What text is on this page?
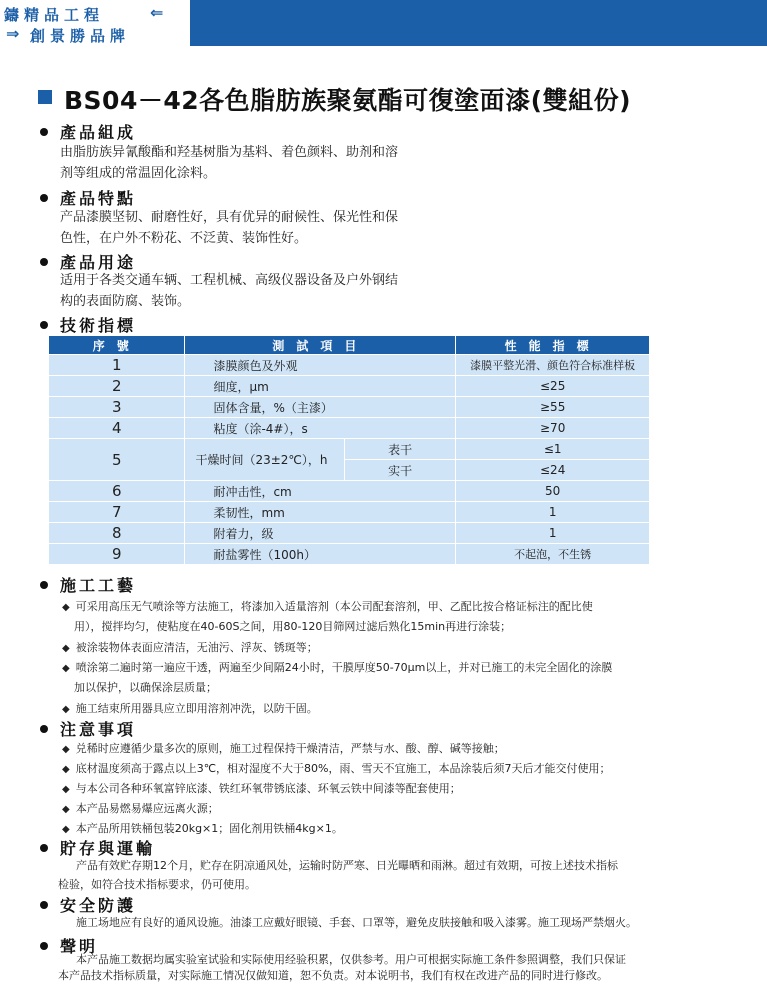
鑄精品工程	⇐
⇒ 創景勝品牌
BS04－42各色脂肪族聚氨酯可復塗面漆(雙組份)
產品組成
由脂肪族异氰酸酯和羟基树脂为基料、着色颜料、助剂和溶
剂等组成的常温固化涂料。
產品特點
产品漆膜坚韧、耐磨性好，具有优异的耐候性、保光性和保
色性，在户外不粉花、不泛黄、装饰性好。
產品用途
适用于各类交通车辆、工程机械、高级仪器设备及户外钢结
构的表面防腐、装饰。
技術指標
序號	測試項目		性能指標
1	漆膜颜色及外观		漆膜平整光滑、颜色符合标准样板
2	细度，μm		≤25
3	固体含量，%（主漆）		≥55
4	粘度（涂-4#），s		≥70
5	干燥时间（23±2℃），h	表干	≤1
		实干	≤24
6	耐冲击性，cm		50
7	柔韧性，mm		1
8	附着力，级		1
9	耐盐雾性（100h）		不起泡，不生锈
施工工藝
◆ 可采用高压无气喷涂等方法施工，将漆加入适量溶剂（本公司配套溶剂，甲、乙配比按合格证标注的配比使
用），搅拌均匀，使粘度在40-60S之间，用80-120目筛网过滤后熟化15min再进行涂装；
◆ 被涂装物体表面应清洁，无油污、浮灰、锈斑等；
◆ 喷涂第二遍时第一遍应干透，两遍至少间隔24小时，干膜厚度50-70μm以上，并对已施工的未完全固化的涂膜
加以保护，以确保涂层质量；
◆ 施工结束所用器具应立即用溶剂冲洗，以防干固。
注意事項
◆ 兑稀时应遵循少量多次的原则，施工过程保持干燥清洁，严禁与水、酸、醇、碱等接触；
◆ 底材温度须高于露点以上3℃，相对湿度不大于80%，雨、雪天不宜施工，本品涂装后须7天后才能交付使用；
◆ 与本公司各种环氧富锌底漆、铁红环氧带锈底漆、环氧云铁中间漆等配套使用；
◆ 本产品易燃易爆应远离火源；
◆ 本产品所用铁桶包装20kg×1；固化剂用铁桶4kg×1。
貯存與運輸
产品有效贮存期12个月，贮存在阴凉通风处，运输时防严寒、日光曝晒和雨淋。超过有效期，可按上述技术指标
检验，如符合技术指标要求，仍可使用。
安全防護
施工场地应有良好的通风设施。油漆工应戴好眼镜、手套、口罩等，避免皮肤接触和吸入漆雾。施工现场严禁烟火。
聲明
本产品施工数据均属实验室试验和实际使用经验积累，仅供参考。用户可根据实际施工条件参照调整，我们只保证
本产品技术指标质量，对实际施工情况仅做知道，恕不负责。对本说明书，我们有权在改进产品的同时进行修改。
